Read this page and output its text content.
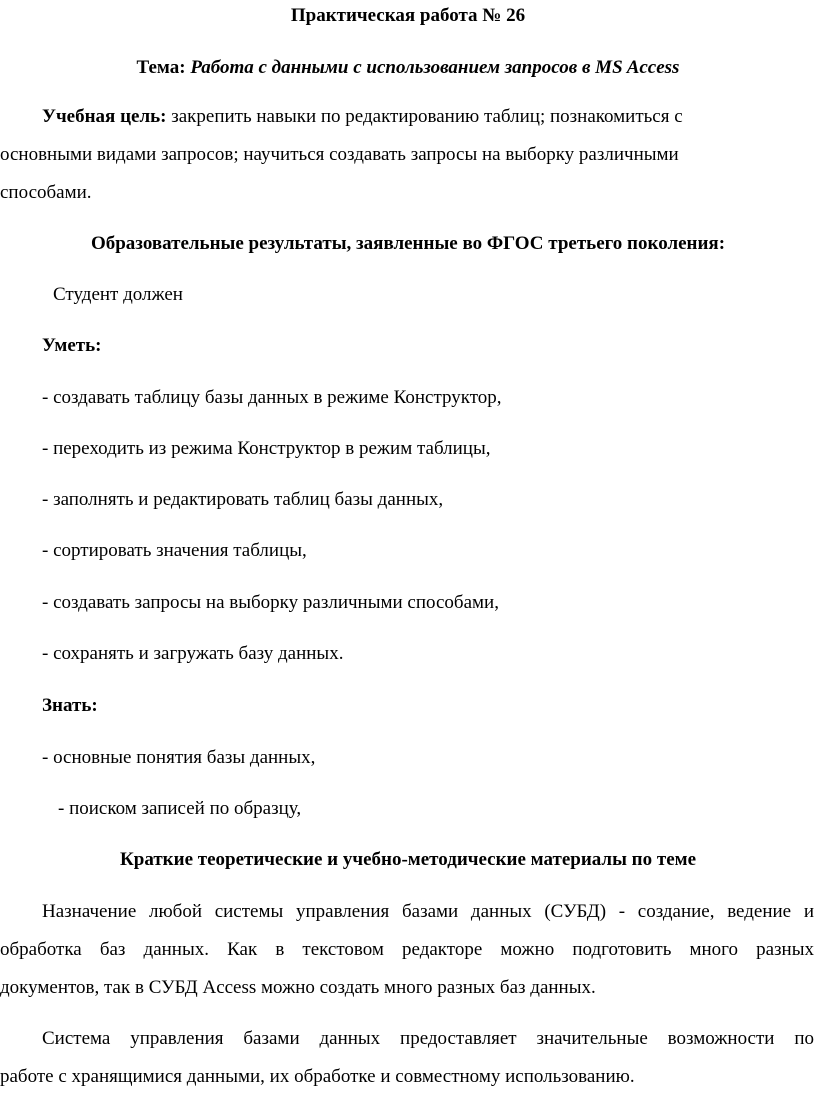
Практическая работа № 26
Тема: Работа с данными с использованием запросов в MS Access
Учебная цель: закрепить навыки по редактированию таблиц; познакомиться с
основными видами запросов; научиться создавать запросы на выборку различными
способами.
Образовательные результаты, заявленные во ФГОС третьего поколения:
Студент должен
Уметь:
- создавать таблицу базы данных в режиме Конструктор,
- переходить из режима Конструктор в режим таблицы,
- заполнять и редактировать таблиц базы данных,
- сортировать значения таблицы,
- создавать запросы на выборку различными способами,
- сохранять и загружать базу данных.
Знать:
- основные понятия базы данных,
- поиском записей по образцу,
Краткие теоретические и учебно-методические материалы по теме
Назначение любой системы управления базами данных (СУБД) - создание, ведение и
обработка баз данных. Как в текстовом редакторе можно подготовить много разных
документов, так в СУБД Access можно создать много разных баз данных.
Система управления базами данных предоставляет значительные возможности по
работе с хранящимися данными, их обработке и совместному использованию.
